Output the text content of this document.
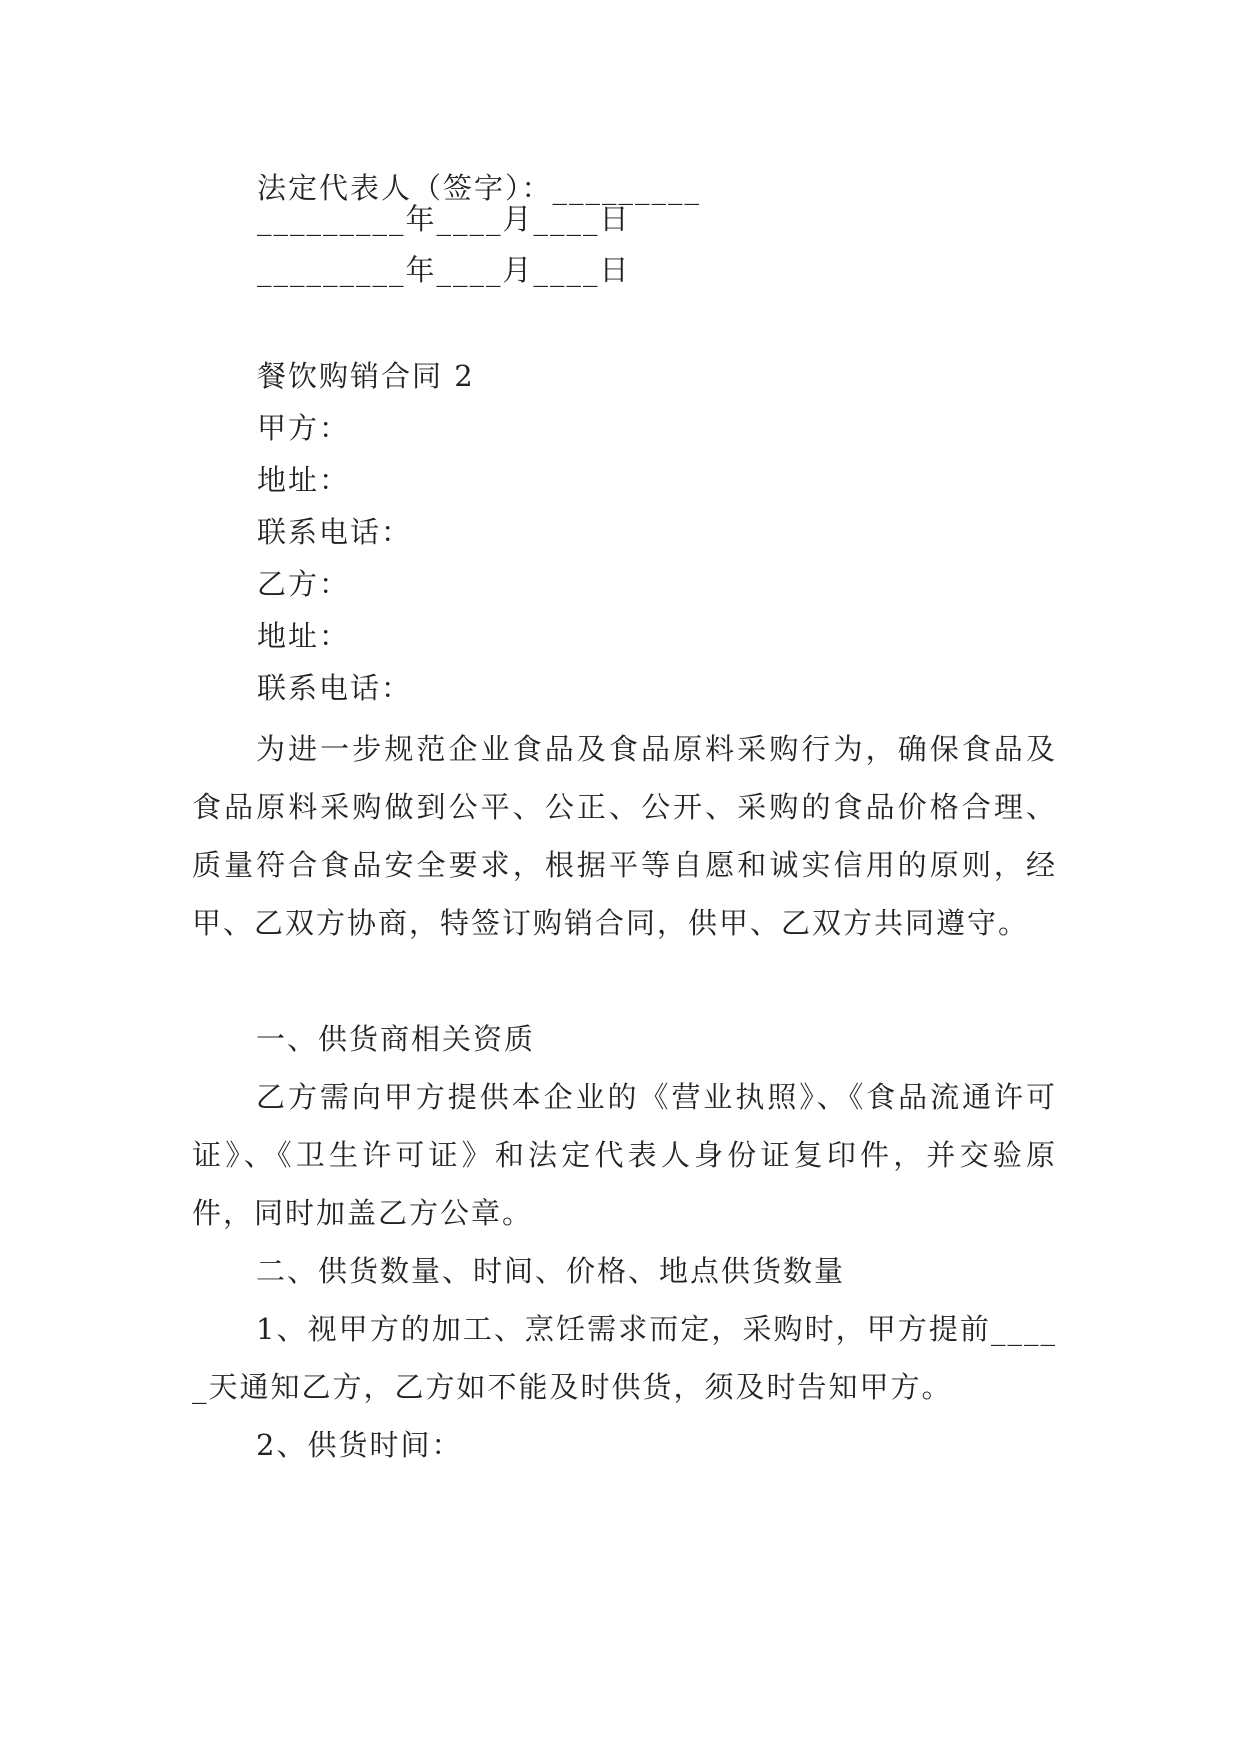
法定代表人（签字）：_________
_________年____月____日
_________年____月____日
餐饮购销合同 2
甲方：
地址：
联系电话：
乙方：
地址：
联系电话：
为进一步规范企业食品及食品原料采购行为，确保食品及食品原料采购做到公平、公正、公开、采购的食品价格合理、质量符合食品安全要求，根据平等自愿和诚实信用的原则，经甲、乙双方协商，特签订购销合同，供甲、乙双方共同遵守。
一、供货商相关资质
乙方需向甲方提供本企业的《营业执照》、《食品流通许可证》、《卫生许可证》和法定代表人身份证复印件，并交验原件，同时加盖乙方公章。
二、供货数量、时间、价格、地点供货数量
1、视甲方的加工、烹饪需求而定，采购时，甲方提前_____天通知乙方，乙方如不能及时供货，须及时告知甲方。
2、供货时间：
